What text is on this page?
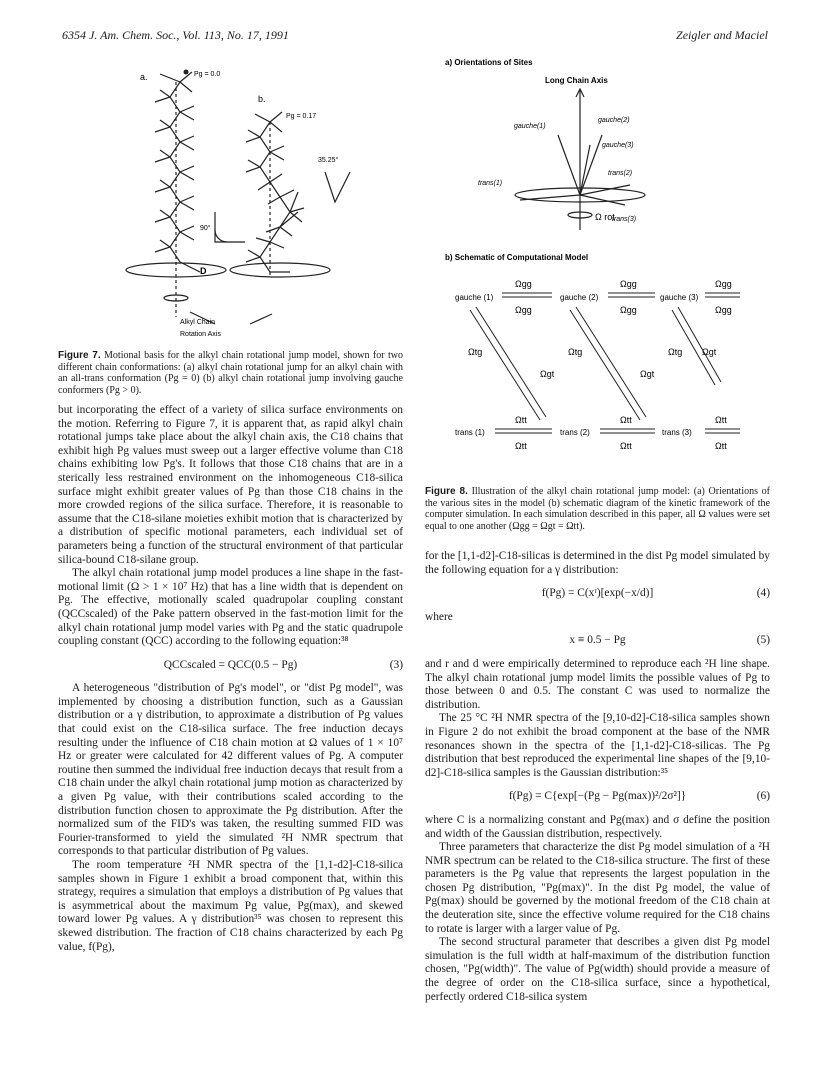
6354 J. Am. Chem. Soc., Vol. 113, No. 17, 1991	Zeigler and Maciel
a.	Pg = 0.0
b.
Pg = 0.17
35.25°
90°
D
Alkyl Chain
Rotation Axis
Figure 7. Motional basis for the alkyl chain rotational jump model, shown for two different chain conformations: (a) alkyl chain rotational jump for an alkyl chain with an all-trans conformation (Pg = 0) (b) alkyl chain rotational jump involving gauche conformers (Pg > 0).

but incorporating the effect of a variety of silica surface environments on the motion. Referring to Figure 7, it is apparent that, as rapid alkyl chain rotational jumps take place about the alkyl chain axis, the C18 chains that exhibit high Pg values must sweep out a larger effective volume than C18 chains exhibiting low Pg's. It follows that those C18 chains that are in a sterically less restrained environment on the inhomogeneous C18-silica surface might exhibit greater values of Pg than those C18 chains in the more crowded regions of the silica surface. Therefore, it is reasonable to assume that the C18-silane moieties exhibit motion that is characterized by a distribution of specific motional parameters, each individual set of parameters being a function of the structural environment of that particular silica-bound C18-silane group.

The alkyl chain rotational jump model produces a line shape in the fast-motional limit (Ω > 1 × 10⁷ Hz) that has a line width that is dependent on Pg. The effective, motionally scaled quadrupolar coupling constant (QCCscaled) of the Pake pattern observed in the fast-motion limit for the alkyl chain rotational jump model varies with Pg and the static quadrupole coupling constant (QCC) according to the following equation:³⁸

QCCscaled = QCC(0.5 − Pg)	(3)

A heterogeneous "distribution of Pg's model", or "dist Pg model", was implemented by choosing a distribution function, such as a Gaussian distribution or a γ distribution, to approximate a distribution of Pg values that could exist on the C18-silica surface. The free induction decays resulting under the influence of C18 chain motion at Ω values of 1 × 10⁷ Hz or greater were calculated for 42 different values of Pg. A computer routine then summed the individual free induction decays that result from a C18 chain under the alkyl chain rotational jump motion as characterized by a given Pg value, with their contributions scaled according to the distribution function chosen to approximate the Pg distribution. After the normalized sum of the FID's was taken, the resulting summed FID was Fourier-transformed to yield the simulated ²H NMR spectrum that corresponds to that particular distribution of Pg values.

The room temperature ²H NMR spectra of the [1,1-d2]-C18-silica samples shown in Figure 1 exhibit a broad component that, within this strategy, requires a simulation that employs a distribution of Pg values that is asymmetrical about the maximum Pg value, Pg(max), and skewed toward lower Pg values. A γ distribution³⁵ was chosen to represent this skewed distribution. The fraction of C18 chains characterized by each Pg value, f(Pg),

a) Orientations of Sites
Long Chain Axis
gauche(1)
gauche(2)
gauche(3)
trans(1)
trans(2)
trans(3)
Ω rot
b) Schematic of Computational Model
gauche (1)	gauche (2)	gauche (3)
Ωgg
Ωgg
Ωgg
Ωgg
Ωgg
Ωgg
trans (1)	trans (2)	trans (3)
Ωtt
Ωtt
Ωtt
Ωtt
Ωtt
Ωtt
Ωtg	Ωtg	Ωtg
Ωgt	Ωgt
Ωgt
Figure 8. Illustration of the alkyl chain rotational jump model: (a) Orientations of the various sites in the model (b) schematic diagram of the kinetic framework of the computer simulation. In each simulation described in this paper, all Ω values were set equal to one another (Ωgg = Ωgt = Ωtt).

for the [1,1-d2]-C18-silicas is determined in the dist Pg model simulated by the following equation for a γ distribution:

f(Pg) = C(xʳ)[exp(−x/d)]	(4)

where

x ≡ 0.5 − Pg	(5)

and r and d were empirically determined to reproduce each ²H line shape. The alkyl chain rotational jump model limits the possible values of Pg to those between 0 and 0.5. The constant C was used to normalize the distribution.

The 25 °C ²H NMR spectra of the [9,10-d2]-C18-silica samples shown in Figure 2 do not exhibit the broad component at the base of the NMR resonances shown in the spectra of the [1,1-d2]-C18-silicas. The Pg distribution that best reproduced the experimental line shapes of the [9,10-d2]-C18-silica samples is the Gaussian distribution:³⁵

f(Pg) = C{exp[−(Pg − Pg(max))²/2σ²]}	(6)

where C is a normalizing constant and Pg(max) and σ define the position and width of the Gaussian distribution, respectively.

Three parameters that characterize the dist Pg model simulation of a ²H NMR spectrum can be related to the C18-silica structure. The first of these parameters is the Pg value that represents the largest population in the chosen Pg distribution, "Pg(max)". In the dist Pg model, the value of Pg(max) should be governed by the motional freedom of the C18 chain at the deuteration site, since the effective volume required for the C18 chains to rotate is larger with a larger value of Pg.

The second structural parameter that describes a given dist Pg model simulation is the full width at half-maximum of the distribution function chosen, "Pg(width)". The value of Pg(width) should provide a measure of the degree of order on the C18-silica surface, since a hypothetical, perfectly ordered C18-silica system
